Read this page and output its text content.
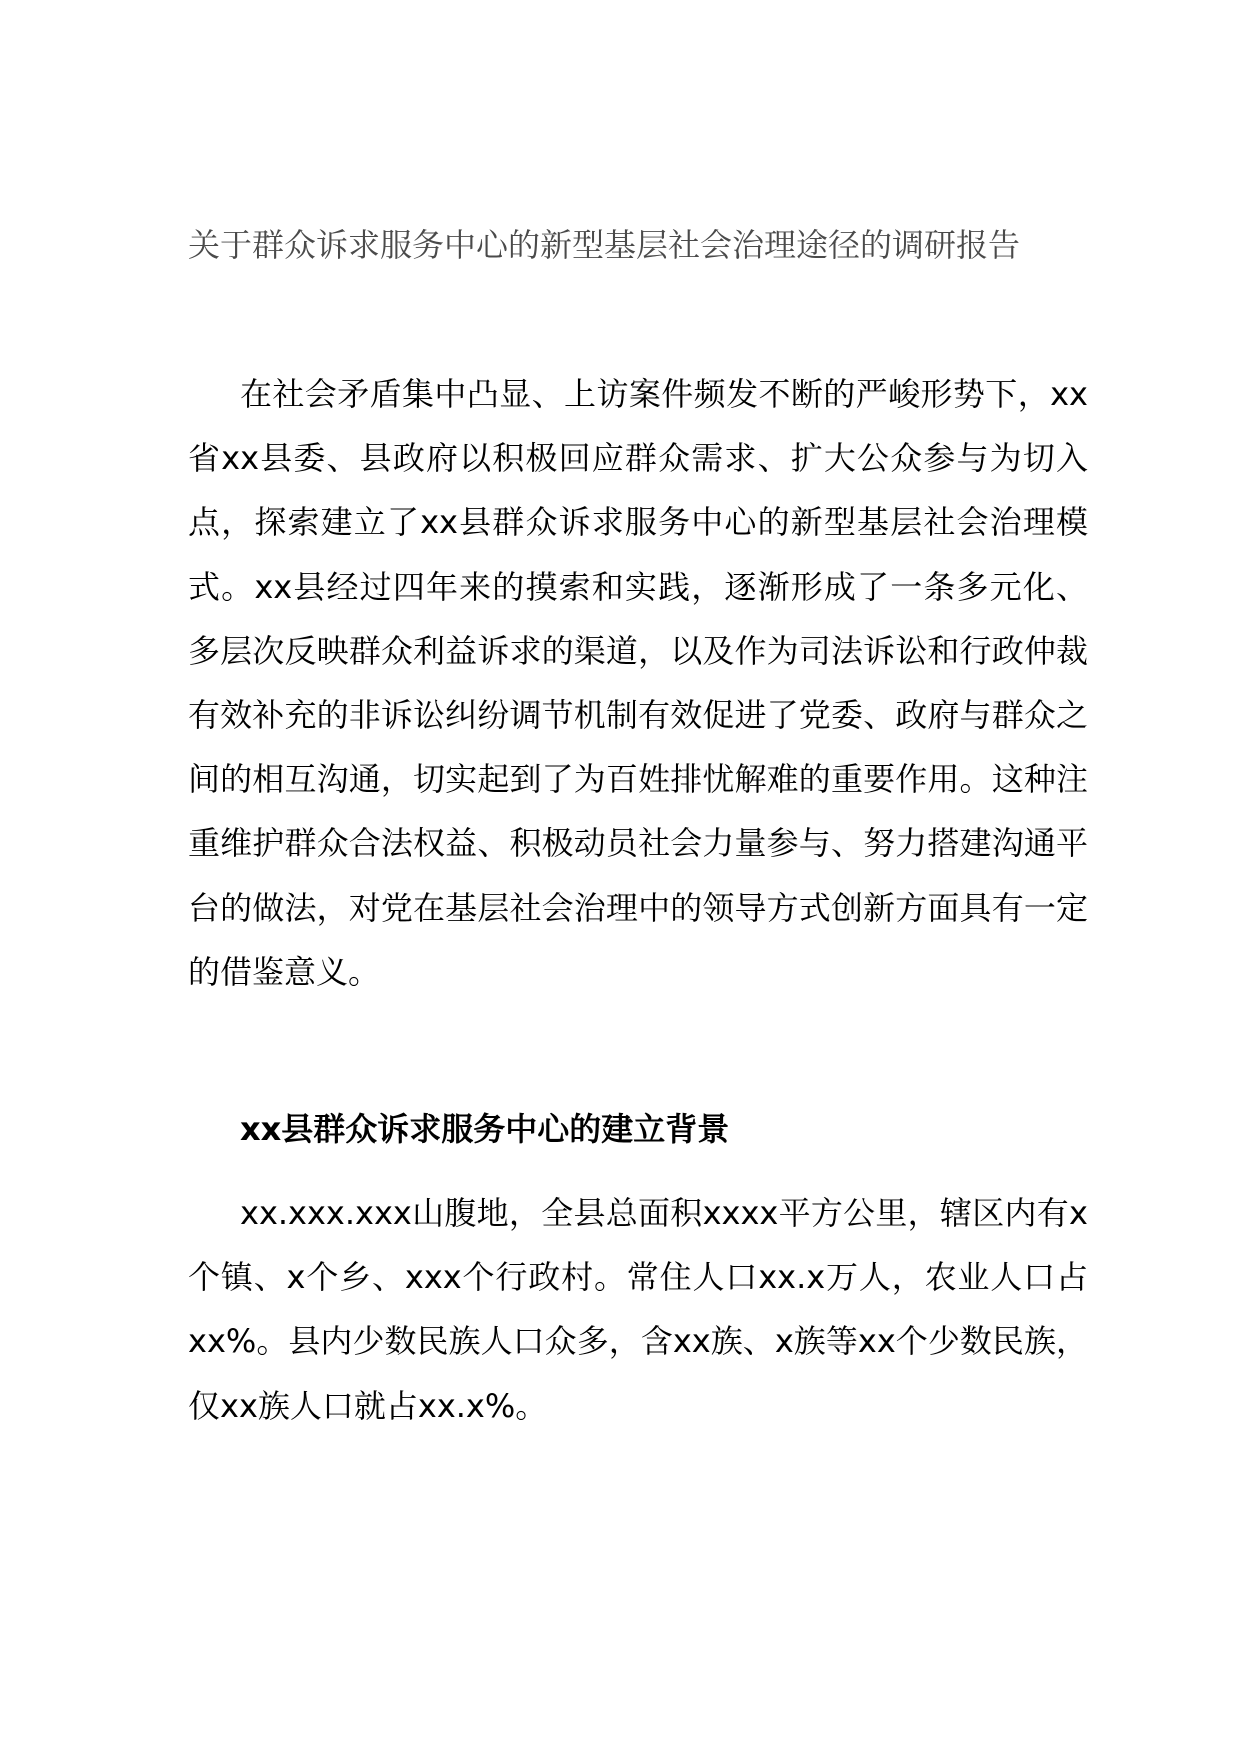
关于群众诉求服务中心的新型基层社会治理途径的调研报告

在社会矛盾集中凸显、上访案件频发不断的严峻形势下，xx省xx县委、县政府以积极回应群众需求、扩大公众参与为切入点，探索建立了xx县群众诉求服务中心的新型基层社会治理模式。xx县经过四年来的摸索和实践，逐渐形成了一条多元化、多层次反映群众利益诉求的渠道，以及作为司法诉讼和行政仲裁有效补充的非诉讼纠纷调节机制有效促进了党委、政府与群众之间的相互沟通，切实起到了为百姓排忧解难的重要作用。这种注重维护群众合法权益、积极动员社会力量参与、努力搭建沟通平台的做法，对党在基层社会治理中的领导方式创新方面具有一定的借鉴意义。

xx县群众诉求服务中心的建立背景

xx.xxx.xxx山腹地，全县总面积xxxx平方公里，辖区内有x个镇、x个乡、xxx个行政村。常住人口xx.x万人，农业人口占xx%。县内少数民族人口众多，含xx族、x族等xx个少数民族，仅xx族人口就占xx.x%。
